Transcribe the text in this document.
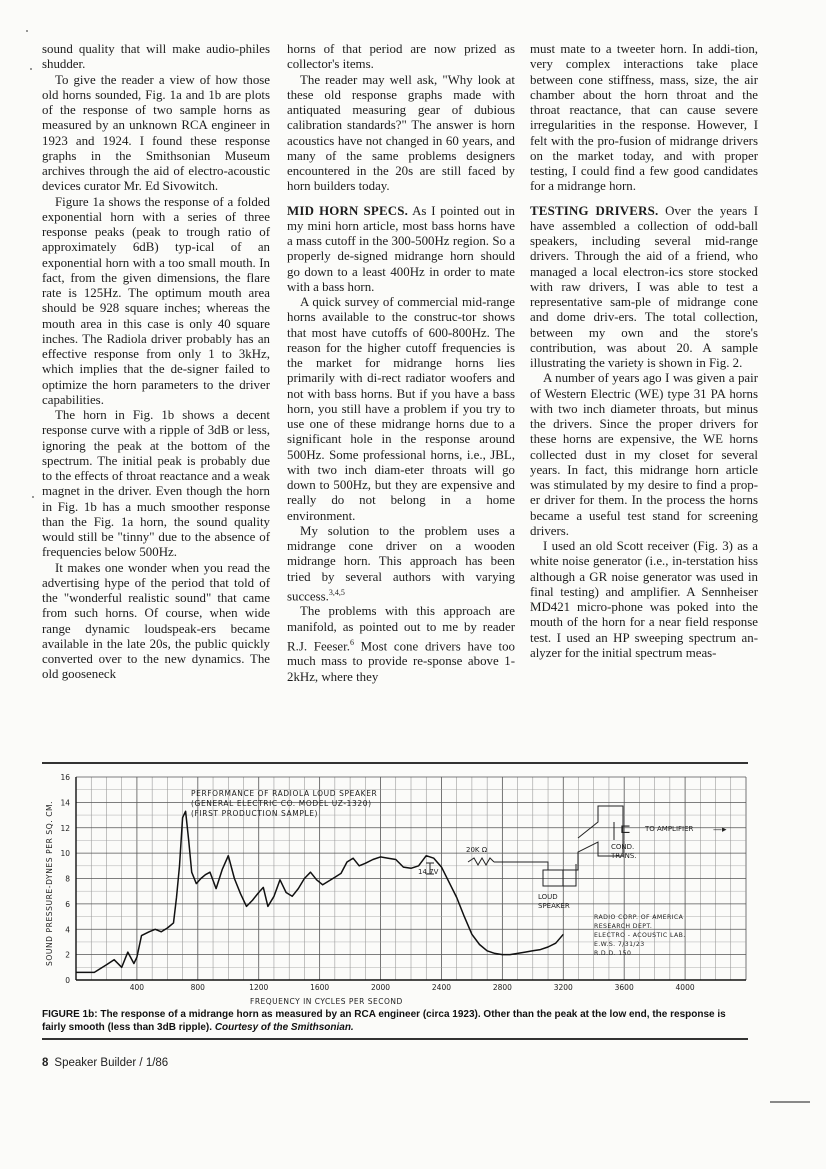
sound quality that will make audio-philes shudder.

To give the reader a view of how those old horns sounded, Fig. 1a and 1b are plots of the response of two sample horns as measured by an unknown RCA engineer in 1923 and 1924. I found these response graphs in the Smithsonian Museum archives through the aid of electro-acoustic devices curator Mr. Ed Sivowitch.

Figure 1a shows the response of a folded exponential horn with a series of three response peaks (peak to trough ratio of approximately 6dB) typ-ical of an exponential horn with a too small mouth. In fact, from the given dimensions, the flare rate is 125Hz. The optimum mouth area should be 928 square inches; whereas the mouth area in this case is only 40 square inches. The Radiola driver probably has an effective response from only 1 to 3kHz, which implies that the de-signer failed to optimize the horn parameters to the driver capabilities.

The horn in Fig. 1b shows a decent response curve with a ripple of 3dB or less, ignoring the peak at the bottom of the spectrum. The initial peak is probably due to the effects of throat reactance and a weak magnet in the driver. Even though the horn in Fig. 1b has a much smoother response than the Fig. 1a horn, the sound quality would still be "tinny" due to the absence of frequencies below 500Hz.

It makes one wonder when you read the advertising hype of the period that told of the "wonderful realistic sound" that came from such horns. Of course, when wide range dynamic loudspeak-ers became available in the late 20s, the public quickly converted over to the new dynamics. The old gooseneck

horns of that period are now prized as collector's items.

The reader may well ask, "Why look at these old response graphs made with antiquated measuring gear of dubious calibration standards?" The answer is horn acoustics have not changed in 60 years, and many of the same problems designers encountered in the 20s are still faced by horn builders today.

MID HORN SPECS. As I pointed out in my mini horn article, most bass horns have a mass cutoff in the 300-500Hz region. So a properly de-signed midrange horn should go down to a least 400Hz in order to mate with a bass horn.

A quick survey of commercial mid-range horns available to the construc-tor shows that most have cutoffs of 600-800Hz. The reason for the higher cutoff frequencies is the market for midrange horns lies primarily with di-rect radiator woofers and not with bass horns. But if you have a bass horn, you still have a problem if you try to use one of these midrange horns due to a significant hole in the response around 500Hz. Some professional horns, i.e., JBL, with two inch diam-eter throats will go down to 500Hz, but they are expensive and really do not belong in a home environment.

My solution to the problem uses a midrange cone driver on a wooden midrange horn. This approach has been tried by several authors with varying success.$^{3,4,5}$

The problems with this approach are manifold, as pointed out to me by reader R.J. Feeser.$^6$ Most cone drivers have too much mass to provide re-sponse above 1-2kHz, where they

must mate to a tweeter horn. In addi-tion, very complex interactions take place between cone stiffness, mass, size, the air chamber about the horn throat and the throat reactance, that can cause severe irregularities in the response. However, I felt with the pro-fusion of midrange drivers on the market today, and with proper testing, I could find a few good candidates for a midrange horn.

TESTING DRIVERS. Over the years I have assembled a collection of odd-ball speakers, including several mid-range drivers. Through the aid of a friend, who managed a local electron-ics store stocked with raw drivers, I was able to test a representative sam-ple of midrange cone and dome driv-ers. The total collection, between my own and the store's contribution, was about 20. A sample illustrating the variety is shown in Fig. 2.

A number of years ago I was given a pair of Western Electric (WE) type 31 PA horns with two inch diameter throats, but minus the drivers. Since the proper drivers for these horns are expensive, the WE horns collected dust in my closet for several years. In fact, this midrange horn article was stimulated by my desire to find a prop-er driver for them. In the process the horns became a useful test stand for screening drivers.

I used an old Scott receiver (Fig. 3) as a white noise generator (i.e., in-terstation hiss although a GR noise generator was used in final testing) and amplifier. A Sennheiser MD421 micro-phone was poked into the mouth of the horn for a near field response test. I used an HP sweeping spectrum an-alyzer for the initial spectrum meas-

400	800	1200	1600	2000	2400	2800	3200	3600	4000
0
2
4
6
8
10
12
14
16
SOUND PRESSURE-DYNES PER SQ. CM.
FREQUENCY IN CYCLES PER SECOND
PERFORMANCE OF RADIOLA LOUD SPEAKER
(GENERAL ELECTRIC CO. MODEL UZ-1320)
(FIRST PRODUCTION SAMPLE)
14.7V
20K Ω
LOUD
SPEAKER
⊏
COND.
TRANS.
TO AMPLIFIER —▸
RADIO CORP. OF AMERICA
RESEARCH DEPT.
ELECTRO - ACOUSTIC LAB.
E.W.S. 7/31/23
R.D.D. 150
FIGURE 1b: The response of a midrange horn as measured by an RCA engineer (circa 1923). Other than the peak at the low end, the response is fairly smooth (less than 3dB ripple). Courtesy of the Smithsonian.
8 Speaker Builder / 1/86
